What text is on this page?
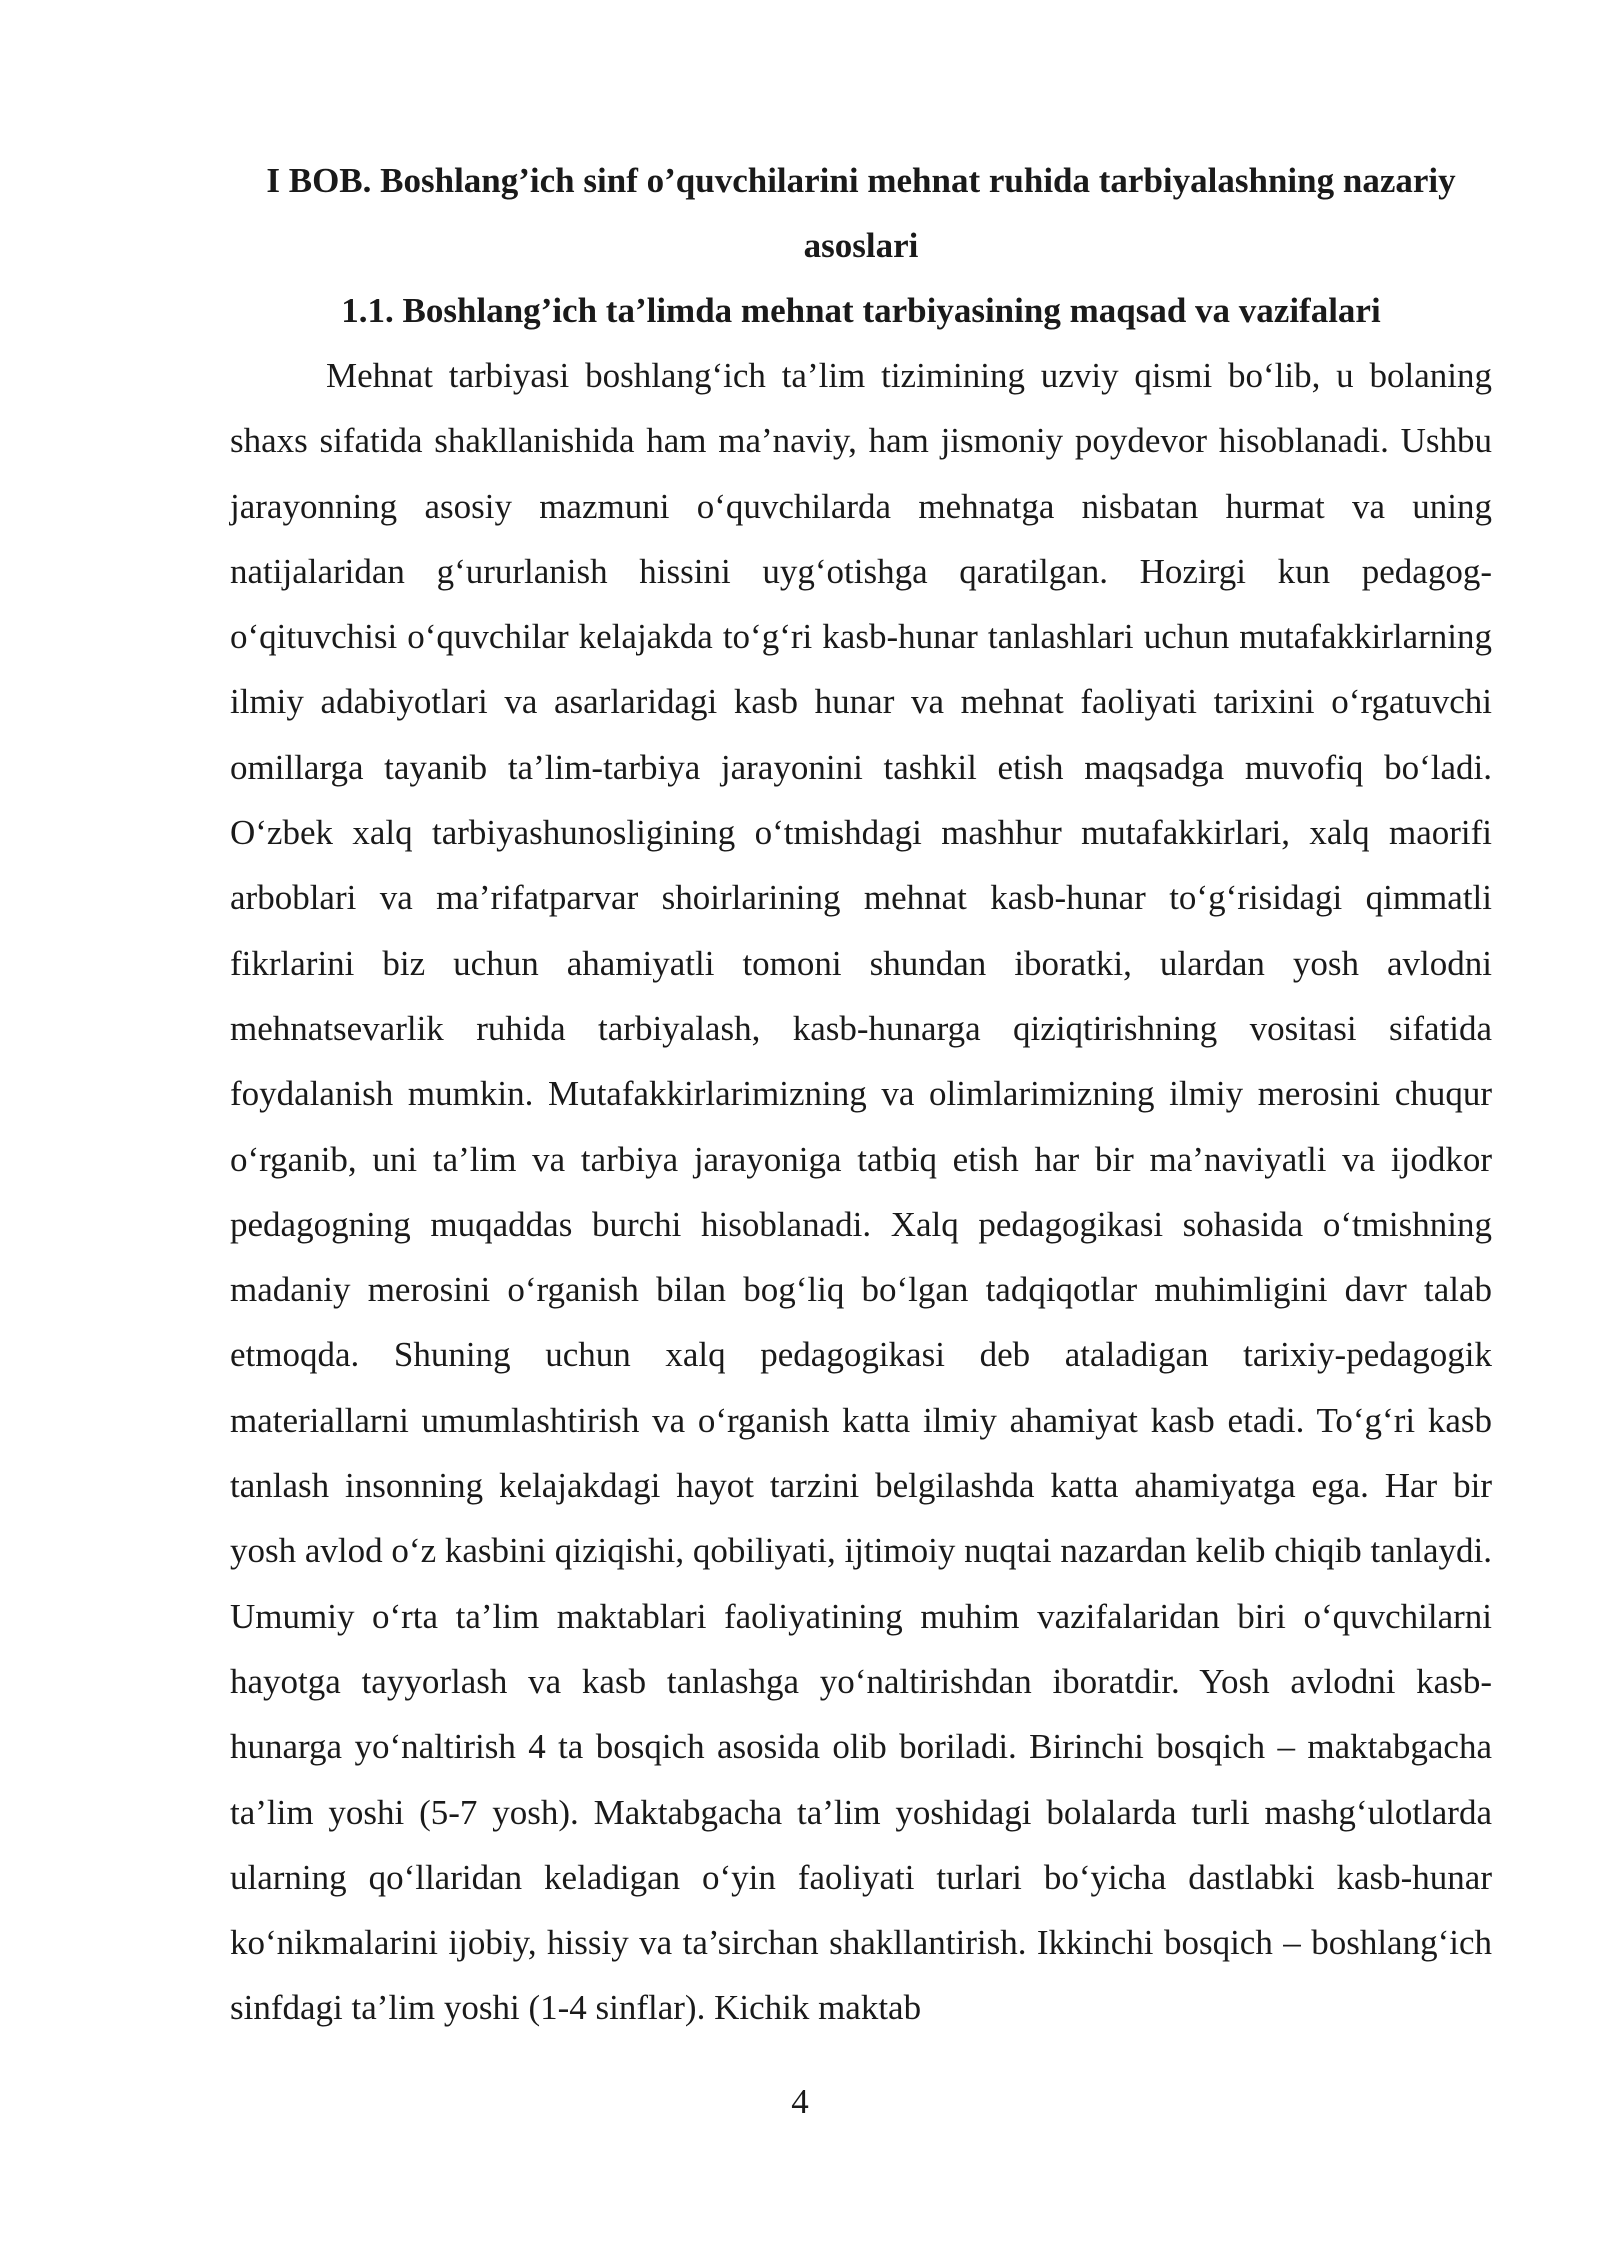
I BOB. Boshlang’ich sinf o’quvchilarini mehnat ruhida tarbiyalashning nazariy asoslari
1.1. Boshlang’ich ta’limda mehnat tarbiyasining maqsad va vazifalari

Mehnat tarbiyasi boshlang‘ich ta’lim tizimining uzviy qismi bo‘lib, u bolaning shaxs sifatida shakllanishida ham ma’naviy, ham jismoniy poydevor hisoblanadi. Ushbu jarayonning asosiy mazmuni o‘quvchilarda mehnatga nisbatan hurmat va uning natijalaridan g‘ururlanish hissini uyg‘otishga qaratilgan. Hozirgi kun pedagog-o‘qituvchisi o‘quvchilar kelajakda to‘g‘ri kasb-hunar tanlashlari uchun mutafakkirlarning ilmiy adabiyotlari va asarlaridagi kasb hunar va mehnat faoliyati tarixini o‘rgatuvchi omillarga tayanib ta’lim-tarbiya jarayonini tashkil etish maqsadga muvofiq bo‘ladi. O‘zbek xalq tarbiyashunosligining o‘tmishdagi mashhur mutafakkirlari, xalq maorifi arboblari va ma’rifatparvar shoirlarining mehnat kasb-hunar to‘g‘risidagi qimmatli fikrlarini biz uchun ahamiyatli tomoni shundan iboratki, ulardan yosh avlodni mehnatsevarlik ruhida tarbiyalash, kasb-hunarga qiziqtirishning vositasi sifatida foydalanish mumkin. Mutafakkirlarimizning va olimlarimizning ilmiy merosini chuqur o‘rganib, uni ta’lim va tarbiya jarayoniga tatbiq etish har bir ma’naviyatli va ijodkor pedagogning muqaddas burchi hisoblanadi. Xalq pedagogikasi sohasida o‘tmishning madaniy merosini o‘rganish bilan bog‘liq bo‘lgan tadqiqotlar muhimligini davr talab etmoqda. Shuning uchun xalq pedagogikasi deb ataladigan tarixiy-pedagogik materiallarni umumlashtirish va o‘rganish katta ilmiy ahamiyat kasb etadi. To‘g‘ri kasb tanlash insonning kelajakdagi hayot tarzini belgilashda katta ahamiyatga ega. Har bir yosh avlod o‘z kasbini qiziqishi, qobiliyati, ijtimoiy nuqtai nazardan kelib chiqib tanlaydi. Umumiy o‘rta ta’lim maktablari faoliyatining muhim vazifalaridan biri o‘quvchilarni hayotga tayyorlash va kasb tanlashga yo‘naltirishdan iboratdir. Yosh avlodni kasb-hunarga yo‘naltirish 4 ta bosqich asosida olib boriladi. Birinchi bosqich – maktabgacha ta’lim yoshi (5-7 yosh). Maktabgacha ta’lim yoshidagi bolalarda turli mashg‘ulotlarda ularning qo‘llaridan keladigan o‘yin faoliyati turlari bo‘yicha dastlabki kasb-hunar ko‘nikmalarini ijobiy, hissiy va ta’sirchan shakllantirish. Ikkinchi bosqich – boshlang‘ich sinfdagi ta’lim yoshi (1-4 sinflar). Kichik maktab

4
